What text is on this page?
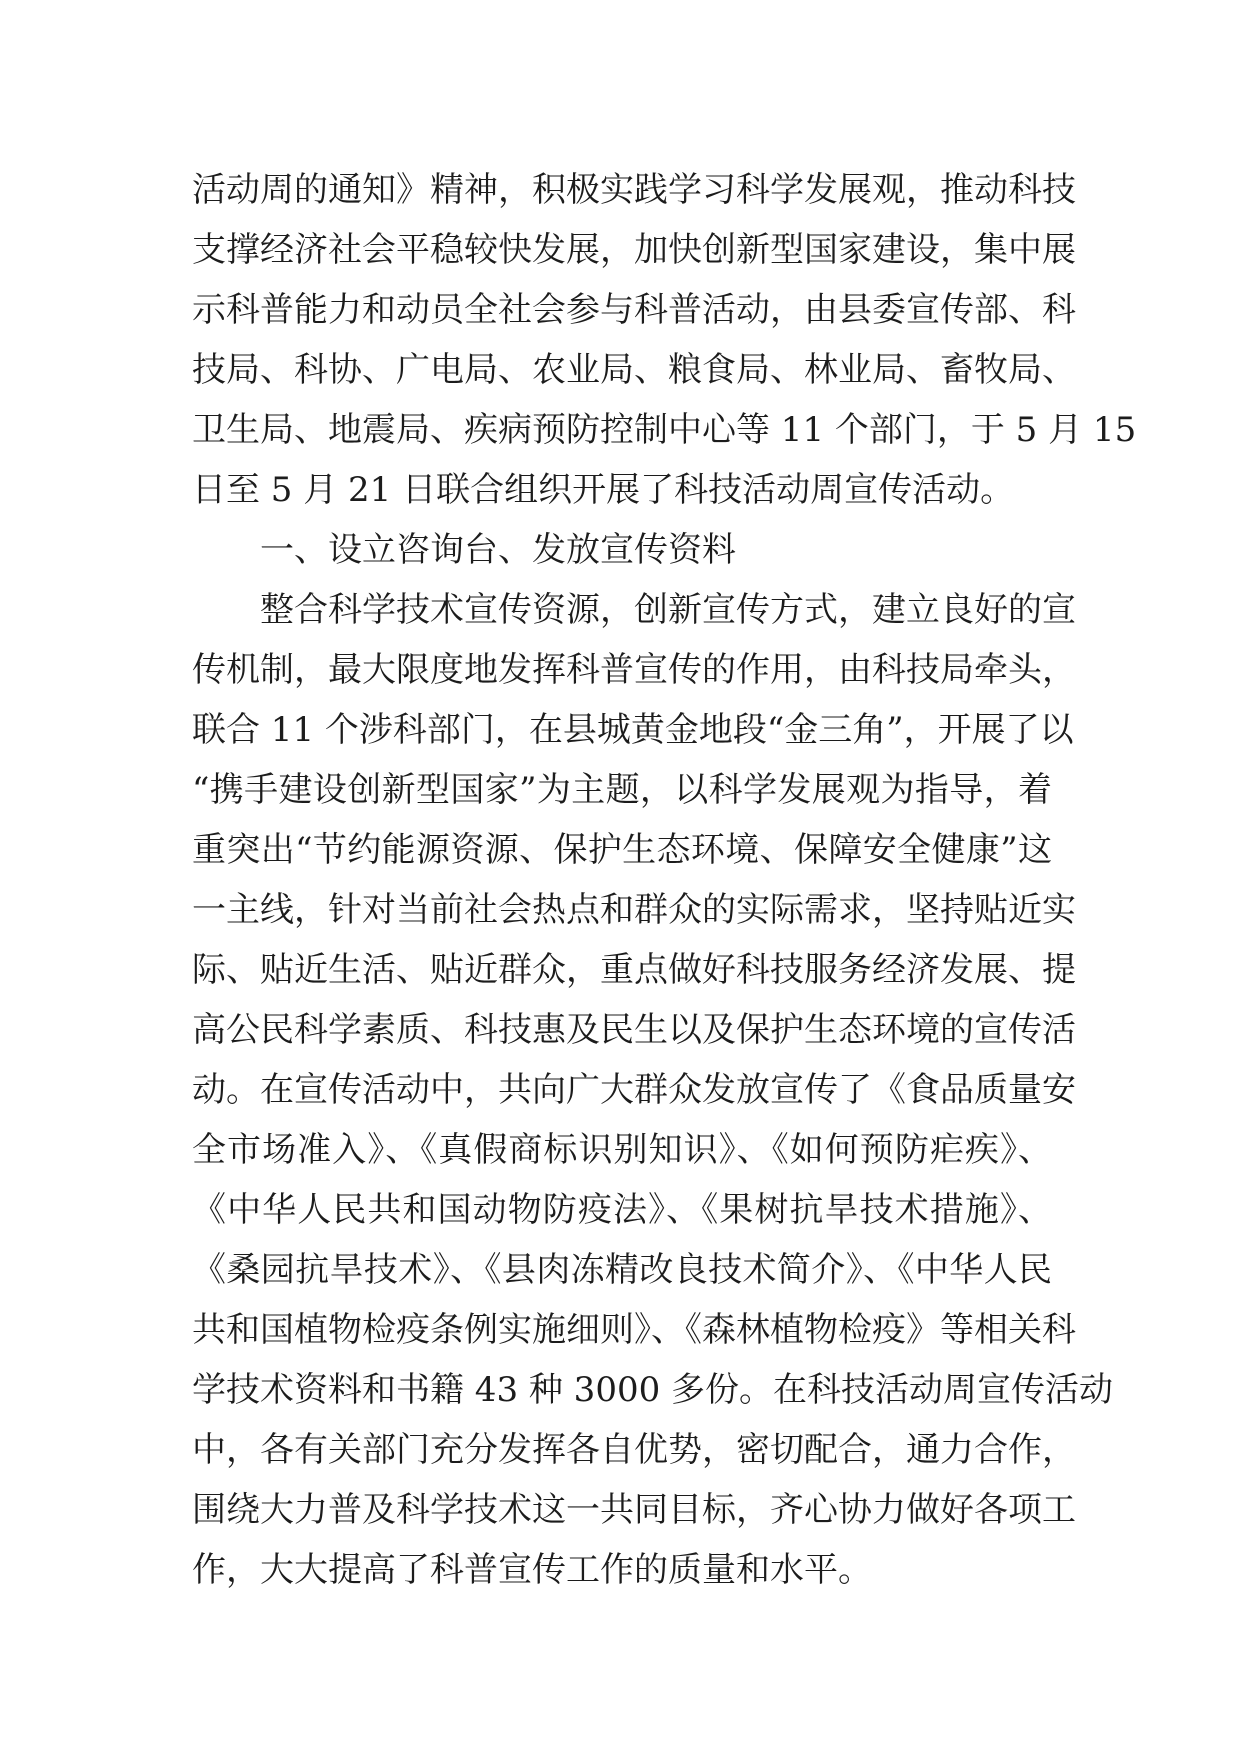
活动周的通知》精神，积极实践学习科学发展观，推动科技
支撑经济社会平稳较快发展，加快创新型国家建设，集中展
示科普能力和动员全社会参与科普活动，由县委宣传部、科
技局、科协、广电局、农业局、粮食局、林业局、畜牧局、
卫生局、地震局、疾病预防控制中心等 11 个部门，于 5 月 15
日至 5 月 21 日联合组织开展了科技活动周宣传活动。
一、设立咨询台、发放宣传资料
整合科学技术宣传资源，创新宣传方式，建立良好的宣
传机制，最大限度地发挥科普宣传的作用，由科技局牵头，
联合 11 个涉科部门，在县城黄金地段“金三角”，开展了以
“携手建设创新型国家”为主题，以科学发展观为指导，着
重突出“节约能源资源、保护生态环境、保障安全健康”这
一主线，针对当前社会热点和群众的实际需求，坚持贴近实
际、贴近生活、贴近群众，重点做好科技服务经济发展、提
高公民科学素质、科技惠及民生以及保护生态环境的宣传活
动。在宣传活动中，共向广大群众发放宣传了《食品质量安
全市场准入》、《真假商标识别知识》、《如何预防疟疾》、
《中华人民共和国动物防疫法》、《果树抗旱技术措施》、
《桑园抗旱技术》、《县肉冻精改良技术简介》、《中华人民
共和国植物检疫条例实施细则》、《森林植物检疫》等相关科
学技术资料和书籍 43 种 3000 多份。在科技活动周宣传活动
中，各有关部门充分发挥各自优势，密切配合，通力合作，
围绕大力普及科学技术这一共同目标，齐心协力做好各项工
作，大大提高了科普宣传工作的质量和水平。
